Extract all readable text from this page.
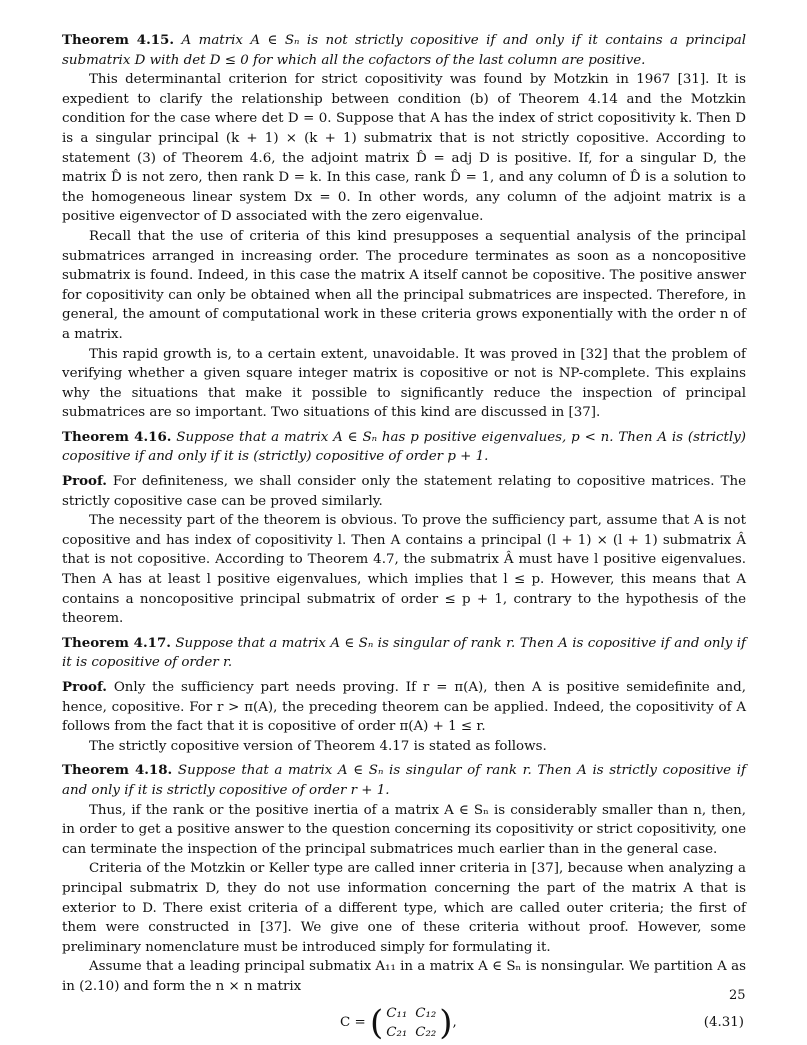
Theorem 4.15. A matrix A ∈ Sₙ is not strictly copositive if and only if it contains a principal submatrix D with det D ≤ 0 for which all the cofactors of the last column are positive.

This determinantal criterion for strict copositivity was found by Motzkin in 1967 [31]. It is expedient to clarify the relationship between condition (b) of Theorem 4.14 and the Motzkin condition for the case where det D = 0. Suppose that A has the index of strict copositivity k. Then D is a singular principal (k + 1) × (k + 1) submatrix that is not strictly copositive. According to statement (3) of Theorem 4.6, the adjoint matrix D̂ = adj D is positive. If, for a singular D, the matrix D̂ is not zero, then rank D = k. In this case, rank D̂ = 1, and any column of D̂ is a solution to the homogeneous linear system Dx = 0. In other words, any column of the adjoint matrix is a positive eigenvector of D associated with the zero eigenvalue.

Recall that the use of criteria of this kind presupposes a sequential analysis of the principal submatrices arranged in increasing order. The procedure terminates as soon as a noncopositive submatrix is found. Indeed, in this case the matrix A itself cannot be copositive. The positive answer for copositivity can only be obtained when all the principal submatrices are inspected. Therefore, in general, the amount of computational work in these criteria grows exponentially with the order n of a matrix.

This rapid growth is, to a certain extent, unavoidable. It was proved in [32] that the problem of verifying whether a given square integer matrix is copositive or not is NP-complete. This explains why the situations that make it possible to significantly reduce the inspection of principal submatrices are so important. Two situations of this kind are discussed in [37].

Theorem 4.16. Suppose that a matrix A ∈ Sₙ has p positive eigenvalues, p < n. Then A is (strictly) copositive if and only if it is (strictly) copositive of order p + 1.

Proof. For definiteness, we shall consider only the statement relating to copositive matrices. The strictly copositive case can be proved similarly.

The necessity part of the theorem is obvious. To prove the sufficiency part, assume that A is not copositive and has index of copositivity l. Then A contains a principal (l + 1) × (l + 1) submatrix Â that is not copositive. According to Theorem 4.7, the submatrix Â must have l positive eigenvalues. Then A has at least l positive eigenvalues, which implies that l ≤ p. However, this means that A contains a noncopositive principal submatrix of order ≤ p + 1, contrary to the hypothesis of the theorem.

Theorem 4.17. Suppose that a matrix A ∈ Sₙ is singular of rank r. Then A is copositive if and only if it is copositive of order r.

Proof. Only the sufficiency part needs proving. If r = π(A), then A is positive semidefinite and, hence, copositive. For r > π(A), the preceding theorem can be applied. Indeed, the copositivity of A follows from the fact that it is copositive of order π(A) + 1 ≤ r.

The strictly copositive version of Theorem 4.17 is stated as follows.

Theorem 4.18. Suppose that a matrix A ∈ Sₙ is singular of rank r. Then A is strictly copositive if and only if it is strictly copositive of order r + 1.

Thus, if the rank or the positive inertia of a matrix A ∈ Sₙ is considerably smaller than n, then, in order to get a positive answer to the question concerning its copositivity or strict copositivity, one can terminate the inspection of the principal submatrices much earlier than in the general case.

Criteria of the Motzkin or Keller type are called inner criteria in [37], because when analyzing a principal submatrix D, they do not use information concerning the part of the matrix A that is exterior to D. There exist criteria of a different type, which are called outer criteria; the first of them were constructed in [37]. We give one of these criteria without proof. However, some preliminary nomenclature must be introduced simply for formulating it.

Assume that a leading principal submatix A₁₁ in a matrix A ∈ Sₙ is nonsingular. We partition A as in (2.10) and form the n × n matrix

C =
( C₁₁ C₁₂
C₂₁ C₂₂ ) ,	(4.31)
25
